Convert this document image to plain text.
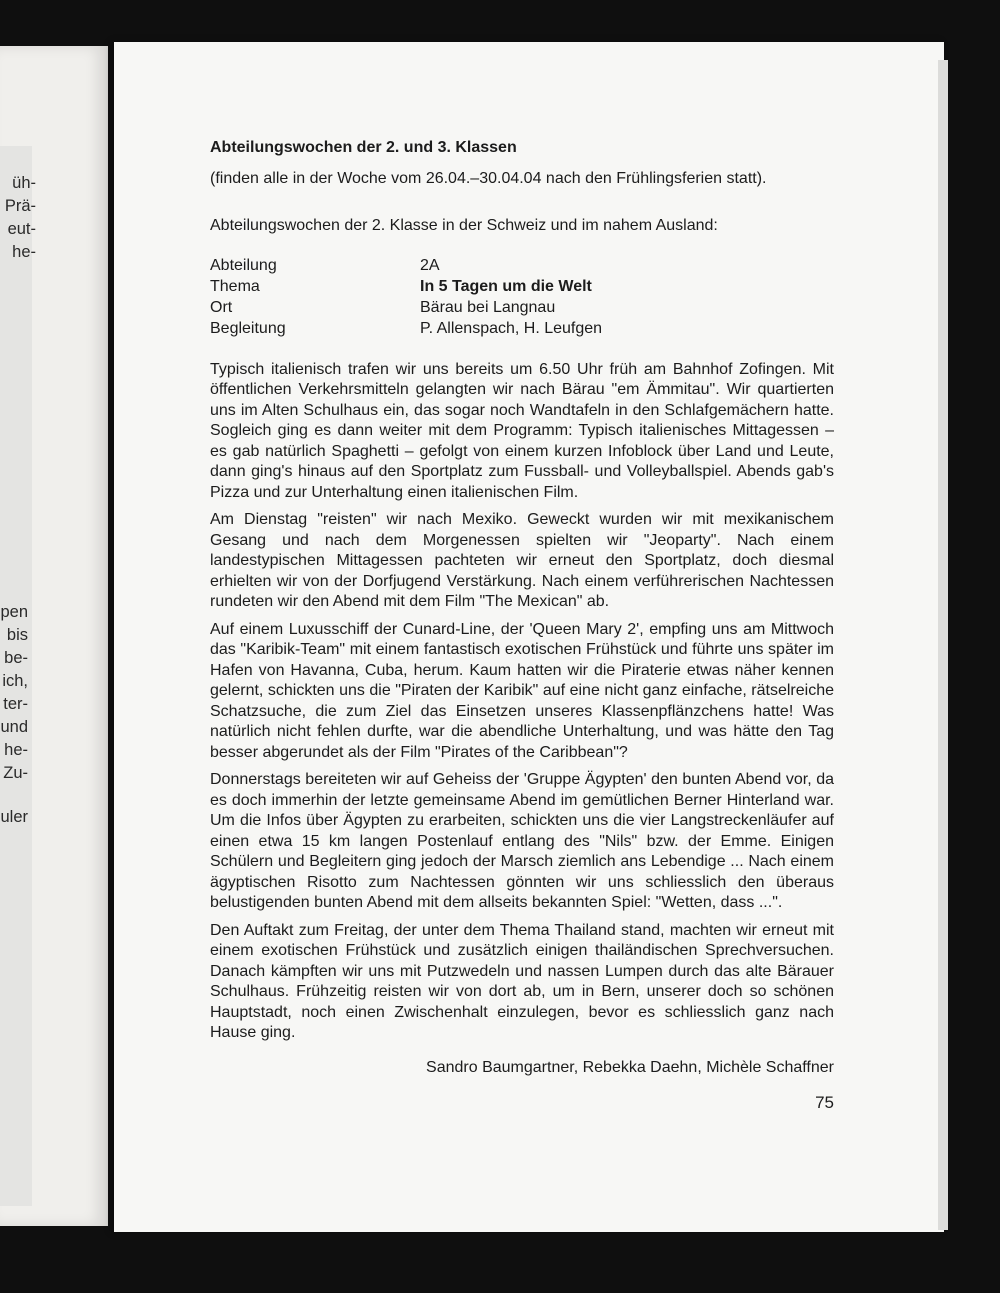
üh-
Prä-
eut-
he-
pen
bis
be-
ich,
ter-
und
he-
Zu-
uler

Abteilungswochen der 2. und 3. Klassen

(finden alle in der Woche vom 26.04.–30.04.04 nach den Frühlingsferien statt).

Abteilungswochen der 2. Klasse in der Schweiz und im nahem Ausland:

Abteilung	2A
Thema	In 5 Tagen um die Welt
Ort	Bärau bei Langnau
Begleitung	P. Allenspach, H. Leufgen

Typisch italienisch trafen wir uns bereits um 6.50 Uhr früh am Bahnhof Zofingen. Mit öffentlichen Verkehrsmitteln gelangten wir nach Bärau "em Ämmitau". Wir quartierten uns im Alten Schulhaus ein, das sogar noch Wandtafeln in den Schlafgemächern hatte. Sogleich ging es dann weiter mit dem Programm: Typisch italienisches Mittagessen – es gab natürlich Spaghetti – gefolgt von einem kurzen Infoblock über Land und Leute, dann ging's hinaus auf den Sportplatz zum Fussball- und Volleyballspiel. Abends gab's Pizza und zur Unterhaltung einen italienischen Film.

Am Dienstag "reisten" wir nach Mexiko. Geweckt wurden wir mit mexikanischem Gesang und nach dem Morgenessen spielten wir "Jeoparty". Nach einem landestypischen Mittagessen pachteten wir erneut den Sportplatz, doch diesmal erhielten wir von der Dorfjugend Verstärkung. Nach einem verführerischen Nachtessen rundeten wir den Abend mit dem Film "The Mexican" ab.

Auf einem Luxusschiff der Cunard-Line, der 'Queen Mary 2', empfing uns am Mittwoch das "Karibik-Team" mit einem fantastisch exotischen Frühstück und führte uns später im Hafen von Havanna, Cuba, herum. Kaum hatten wir die Piraterie etwas näher kennen gelernt, schickten uns die "Piraten der Karibik" auf eine nicht ganz einfache, rätselreiche Schatzsuche, die zum Ziel das Einsetzen unseres Klassenpflänzchens hatte! Was natürlich nicht fehlen durfte, war die abendliche Unterhaltung, und was hätte den Tag besser abgerundet als der Film "Pirates of the Caribbean"?

Donnerstags bereiteten wir auf Geheiss der 'Gruppe Ägypten' den bunten Abend vor, da es doch immerhin der letzte gemeinsame Abend im gemütlichen Berner Hinterland war. Um die Infos über Ägypten zu erarbeiten, schickten uns die vier Langstreckenläufer auf einen etwa 15 km langen Postenlauf entlang des "Nils" bzw. der Emme. Einigen Schülern und Begleitern ging jedoch der Marsch ziemlich ans Lebendige ... Nach einem ägyptischen Risotto zum Nachtessen gönnten wir uns schliesslich den überaus belustigenden bunten Abend mit dem allseits bekannten Spiel: "Wetten, dass ...".

Den Auftakt zum Freitag, der unter dem Thema Thailand stand, machten wir erneut mit einem exotischen Frühstück und zusätzlich einigen thailändischen Sprechversuchen. Danach kämpften wir uns mit Putzwedeln und nassen Lumpen durch das alte Bärauer Schulhaus. Frühzeitig reisten wir von dort ab, um in Bern, unserer doch so schönen Hauptstadt, noch einen Zwischenhalt einzulegen, bevor es schliesslich ganz nach Hause ging.

Sandro Baumgartner, Rebekka Daehn, Michèle Schaffner
75
